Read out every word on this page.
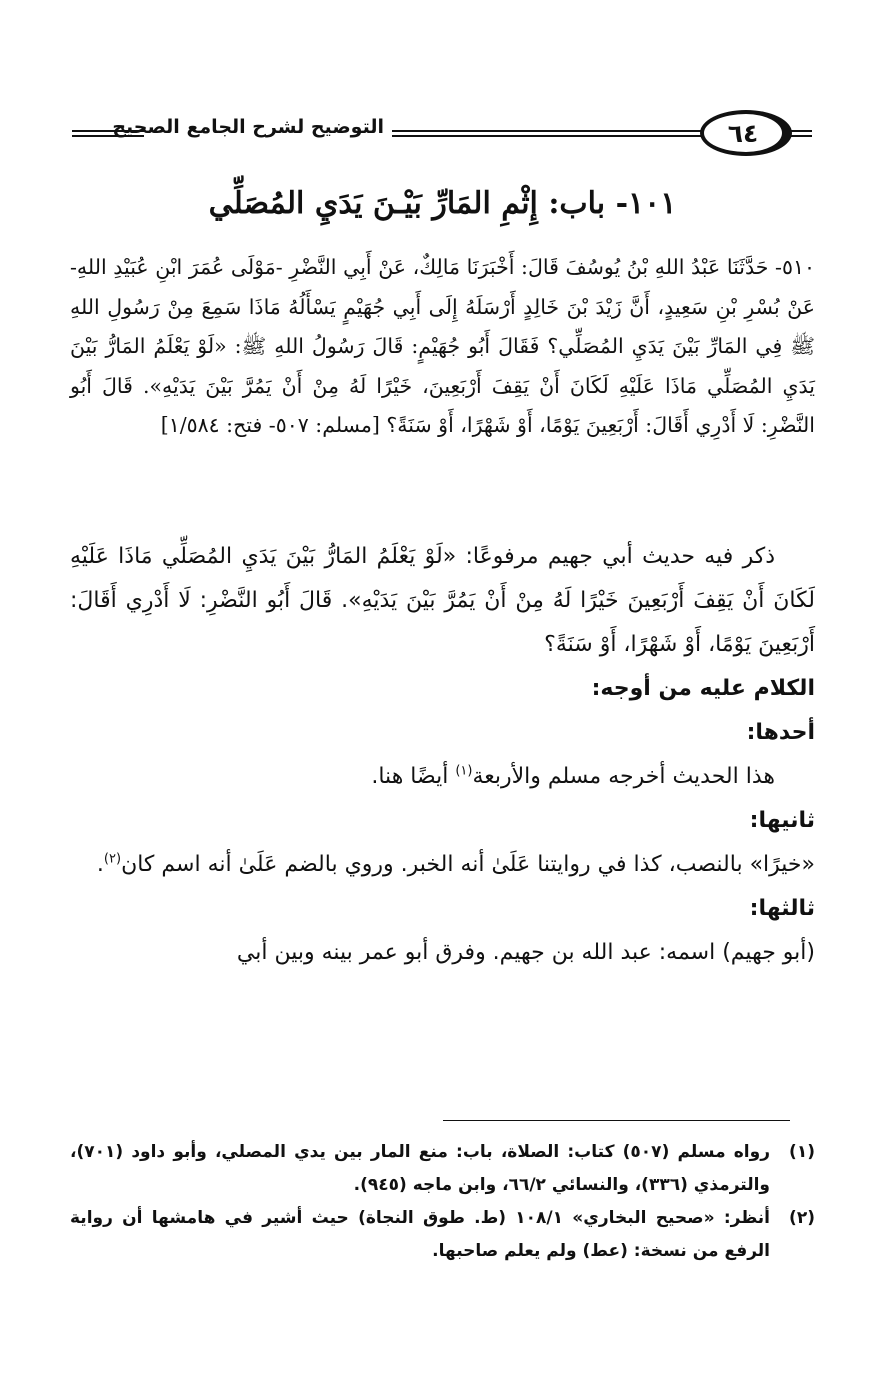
التوضيح لشرح الجامع الصحيح	٦٤
١٠١- باب: إِثْمِ المَارِّ بَيْـنَ يَدَيِ المُصَلِّي
٥١٠- حَدَّثَنَا عَبْدُ اللهِ بْنُ يُوسُفَ قَالَ: أَخْبَرَنَا مَالِكٌ، عَنْ أَبِي النَّضْرِ -مَوْلَى عُمَرَ ابْنِ عُبَيْدِ اللهِ- عَنْ بُسْرِ بْنِ سَعِيدٍ، أَنَّ زَيْدَ بْنَ خَالِدٍ أَرْسَلَهُ إِلَى أَبِي جُهَيْمٍ يَسْأَلُهُ مَاذَا سَمِعَ مِنْ رَسُولِ اللهِ ﷺ فِي المَارِّ بَيْنَ يَدَيِ المُصَلِّي؟ فَقَالَ أَبُو جُهَيْمٍ: قَالَ رَسُولُ اللهِ ﷺ: «لَوْ يَعْلَمُ المَارُّ بَيْنَ يَدَيِ المُصَلِّي مَاذَا عَلَيْهِ لَكَانَ أَنْ يَقِفَ أَرْبَعِينَ، خَيْرًا لَهُ مِنْ أَنْ يَمُرَّ بَيْنَ يَدَيْهِ». قَالَ أَبُو النَّضْرِ: لَا أَدْرِي أَقَالَ: أَرْبَعِينَ يَوْمًا، أَوْ شَهْرًا، أَوْ سَنَةً؟ [مسلم: ٥٠٧- فتح: ١/٥٨٤]

ذكر فيه حديث أبي جهيم مرفوعًا: «لَوْ يَعْلَمُ المَارُّ بَيْنَ يَدَيِ المُصَلِّي مَاذَا عَلَيْهِ لَكَانَ أَنْ يَقِفَ أَرْبَعِينَ خَيْرًا لَهُ مِنْ أَنْ يَمُرَّ بَيْنَ يَدَيْهِ». قَالَ أَبُو النَّضْرِ: لَا أَدْرِي أَقَالَ: أَرْبَعِينَ يَوْمًا، أَوْ شَهْرًا، أَوْ سَنَةً؟

الكلام عليه من أوجه:

أحدها:

هذا الحديث أخرجه مسلم والأربعة$^{(١)}$ أيضًا هنا.

ثانيها:

«خيرًا» بالنصب، كذا في روايتنا عَلَىٰ أنه الخبر. وروي بالضم عَلَىٰ أنه اسم كان$^{(٢)}$.

ثالثها:

(أبو جهيم) اسمه: عبد الله بن جهيم. وفرق أبو عمر بينه وبين أبي

(١)
رواه مسلم (٥٠٧) كتاب: الصلاة، باب: منع المار بين يدي المصلي، وأبو داود (٧٠١)، والترمذي (٣٣٦)، والنسائي ٦٦/٢، وابن ماجه (٩٤٥).
(٢)
أنظر: «صحيح البخاري» ١٠٨/١ (ط. طوق النجاة) حيث أشير في هامشها أن رواية الرفع من نسخة: (عط) ولم يعلم صاحبها.
